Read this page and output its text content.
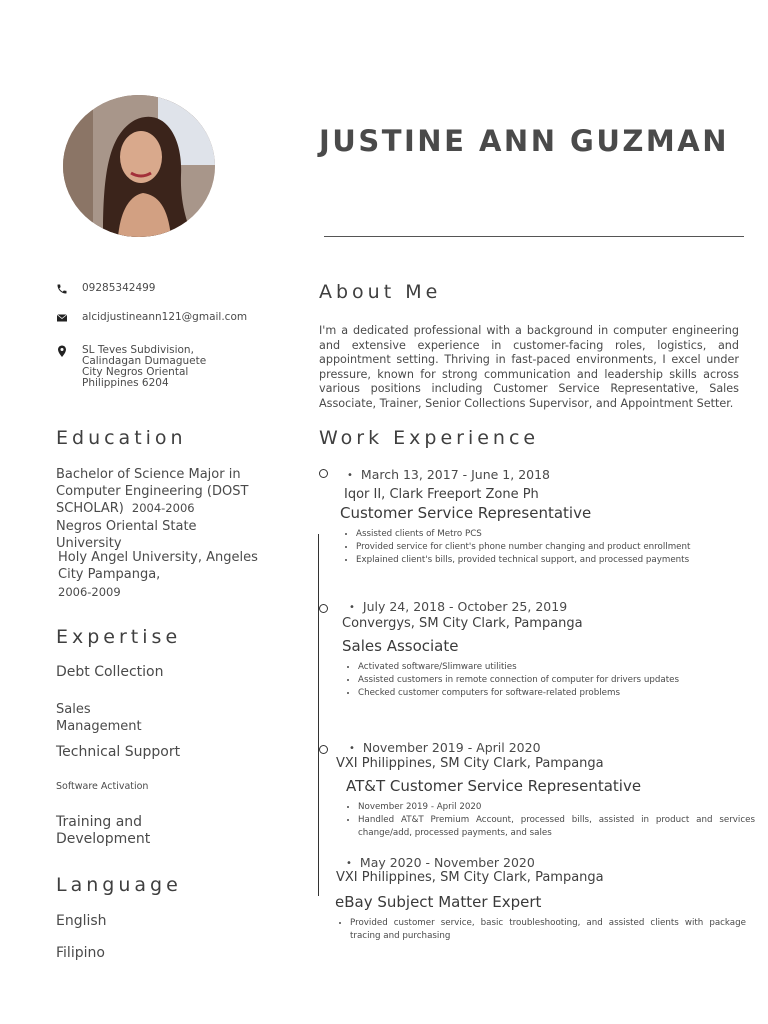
JUSTINE ANN GUZMAN
09285342499
alcidjustineann121@gmail.com
SL Teves Subdivision,
Calindagan Dumaguete
City Negros Oriental
Philippines 6204
About Me
I'm a dedicated professional with a background in computer engineering and extensive experience in customer-facing roles, logistics, and appointment setting. Thriving in fast-paced environments, I excel under pressure, known for strong communication and leadership skills across various positions including Customer Service Representative, Sales Associate, Trainer, Senior Collections Supervisor, and Appointment Setter.
Education
Bachelor of Science Major in
Computer Engineering (DOST
SCHOLAR) 2004-2006
Negros Oriental State
University
Holy Angel University, Angeles
City Pampanga,
2006-2009
Expertise
Debt Collection
Sales
Management
Technical Support
Software Activation
Training and
Development
Language
English
Filipino
Work Experience
• March 13, 2017 - June 1, 2018
Iqor II, Clark Freeport Zone Ph
Customer Service Representative
• Assisted clients of Metro PCS
• Provided service for client's phone number changing and product enrollment
• Explained client's bills, provided technical support, and processed payments
• July 24, 2018 - October 25, 2019
Convergys, SM City Clark, Pampanga
Sales Associate
• Activated software/Slimware utilities
• Assisted customers in remote connection of computer for drivers updates
• Checked customer computers for software-related problems
• November 2019 - April 2020
VXI Philippines, SM City Clark, Pampanga
AT&T Customer Service Representative
• November 2019 - April 2020
• Handled AT&T Premium Account, processed bills, assisted in product and services change/add, processed payments, and sales
• May 2020 - November 2020
VXI Philippines, SM City Clark, Pampanga
eBay Subject Matter Expert
• Provided customer service, basic troubleshooting, and assisted clients with package tracing and purchasing
